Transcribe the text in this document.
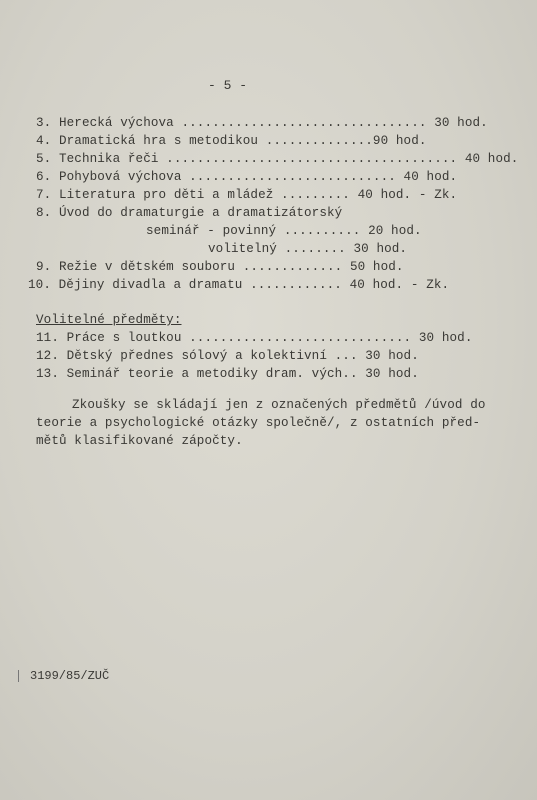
- 5 -
3. Herecká výchova ................................ 30 hod.
4. Dramatická hra s metodikou ..............90 hod.
5. Technika řeči ...................................... 40 hod.
6. Pohybová výchova ........................... 40 hod.
7. Literatura pro děti a mládež ......... 40 hod. - Zk.
8. Úvod do dramaturgie a dramatizátorský
seminář - povinný .......... 20 hod.
volitelný ........ 30 hod.
9. Režie v dětském souboru ............. 50 hod.
10. Dějiny divadla a dramatu ............ 40 hod. - Zk.
Volitelné předměty:
11. Práce s loutkou ............................. 30 hod.
12. Dětský přednes sólový a kolektivní ... 30 hod.
13. Seminář teorie a metodiky dram. vých.. 30 hod.
Zkoušky se skládají jen z označených předmětů /úvod do
teorie a psychologické otázky společně/, z ostatních před-
mětů klasifikované zápočty.
3199/85/ZUČ
